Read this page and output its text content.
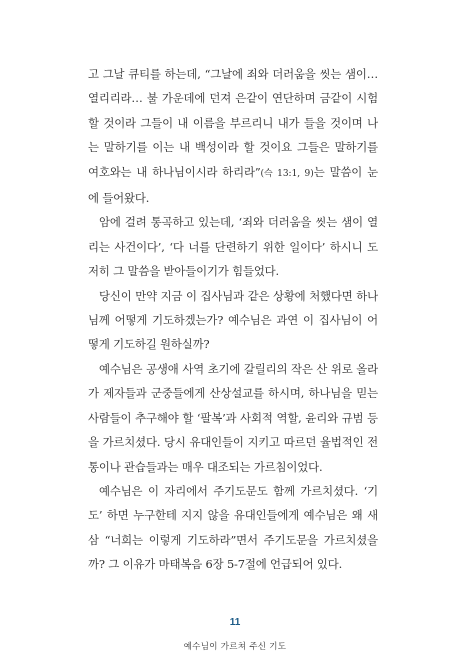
고 그날 큐티를 하는데, “그날에 죄와 더러움을 씻는 샘이… 열리리라… 불 가운데에 던져 은같이 연단하며 금같이 시험할 것이라 그들이 내 이름을 부르리니 내가 들을 것이며 나는 말하기를 이는 내 백성이라 할 것이요 그들은 말하기를 여호와는 내 하나님이시라 하리라”(슥 13:1, 9)는 말씀이 눈에 들어왔다.

암에 걸려 통곡하고 있는데, ‘죄와 더러움을 씻는 샘이 열리는 사건이다’, ‘다 너를 단련하기 위한 일이다’ 하시니 도저히 그 말씀을 받아들이기가 힘들었다.

당신이 만약 지금 이 집사님과 같은 상황에 처했다면 하나님께 어떻게 기도하겠는가? 예수님은 과연 이 집사님이 어떻게 기도하길 원하실까?

예수님은 공생애 사역 초기에 갈릴리의 작은 산 위로 올라가 제자들과 군중들에게 산상설교를 하시며, 하나님을 믿는 사람들이 추구해야 할 ‘팔복’과 사회적 역할, 윤리와 규범 등을 가르치셨다. 당시 유대인들이 지키고 따르던 율법적인 전통이나 관습들과는 매우 대조되는 가르침이었다.

예수님은 이 자리에서 주기도문도 함께 가르치셨다. ‘기도’ 하면 누구한테 지지 않을 유대인들에게 예수님은 왜 새삼 “너희는 이렇게 기도하라”면서 주기도문을 가르치셨을까? 그 이유가 마태복음 6장 5-7절에 언급되어 있다.

11
예수님이 가르쳐 주신 기도
